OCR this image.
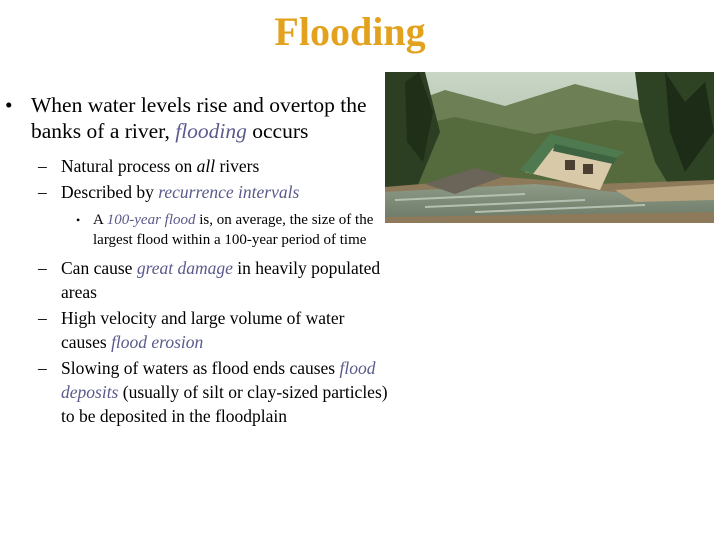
Flooding
• When water levels rise and overtop the banks of a river, flooding occurs
– Natural process on all rivers
– Described by recurrence intervals
• A 100-year flood is, on average, the size of the largest flood within a 100-year period of time
– Can cause great damage in heavily populated areas
– High velocity and large volume of water causes flood erosion
– Slowing of waters as flood ends causes flood deposits (usually of silt or clay-sized particles) to be deposited in the floodplain
